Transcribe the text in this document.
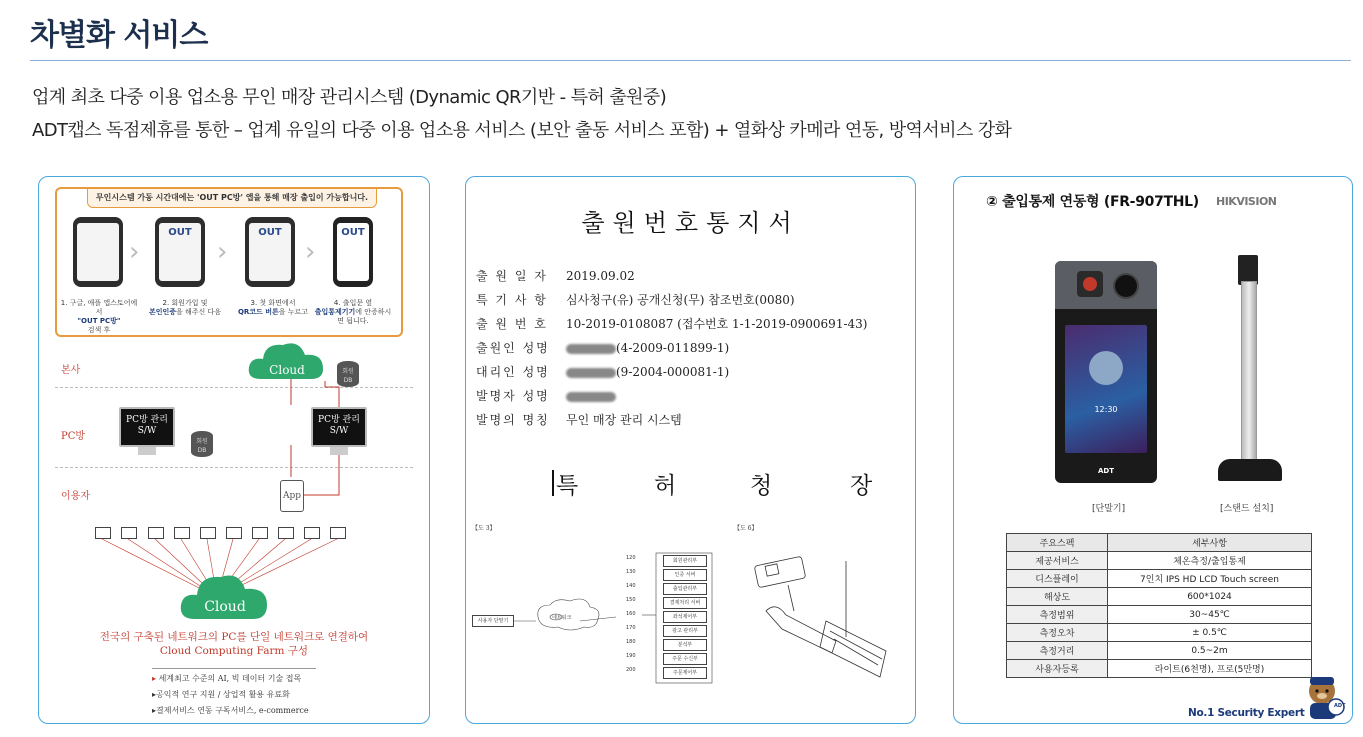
차별화 서비스
업계 최초 다중 이용 업소용 무인 매장 관리시스템 (Dynamic QR기반 - 특허 출원중)
ADT캡스 독점제휴를 통한 – 업계 유일의 다중 이용 업소용 서비스 (보안 출동 서비스 포함) + 열화상 카메라 연동, 방역서비스 강화
무인시스템 가동 시간대에는 'OUT PC방' 앱을 통해 매장 출입이 가능합니다.
›
OUT
›
OUT
›
OUT
1. 구글, 애플 앱스토어에서
"OUT PC방"
검색 후
2. 회원가입 및
본인인증을 해주신 다음
3. 첫 화면에서
QR코드 버튼을 누르고
4. 출입문 옆
출입통제기기에 안증하시면 됩니다.
본사
PC방
이용자
Cloud	회원 DB
PC방 관리 S/W
회원 DB
PC방 관리 S/W
App
Cloud
전국의 구축된 네트워크의 PC를 단일 네트워크로 연결하여
Cloud Computing Farm 구성
▸ 세계최고 수준의 AI, 빅 데이터 기술 접목
▸공익적 연구 지원 / 상업적 활용 유료화
▸결제서비스 연동 구독서비스, e-commerce
출원번호통지서
출 원 일 자 2019.09.02
특 기 사 항 심사청구(유) 공개신청(무) 참조번호(0080)
출 원 번 호 10-2019-0108087 (접수번호 1-1-2019-0900691-43)
출원인 성명	(4-2009-011899-1)
대리인 성명	(9-2004-000081-1)
발명자 성명
발명의 명칭 무인 매장 관리 시스템
특	허	청	장
【도 3】	【도 6】
사용자 단말기	네트워크
회원관리부
인증 서버
출입관리부
결제처리 서버
좌석제어부
광고 관리부
분석부
주문 수신부
주문제어부
120
130
140
150
160
170
180
190
200
② 출입통제 연동형 (FR-907THL) HIKVISION
12:30
ADT
[단말기]	[스탠드 설치]
주요스펙	세부사항
제공서비스	체온측정/출입통제
디스플레이	7인치 IPS HD LCD Touch screen
해상도	600*1024
측정범위	30~45℃
측정오차	± 0.5℃
측정거리	0.5~2m
사용자등록	라이트(6천명), 프로(5만명)
No.1 Security Expert
ADT
